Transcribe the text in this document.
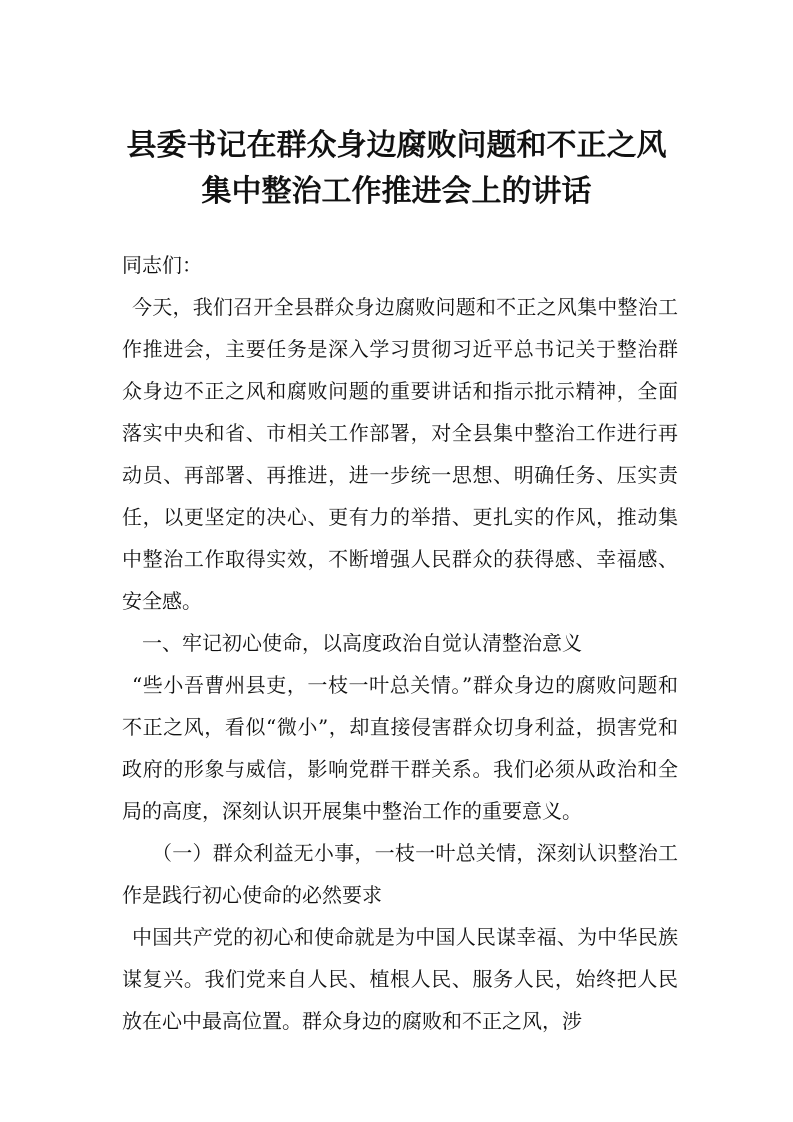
县委书记在群众身边腐败问题和不正之风
集中整治工作推进会上的讲话

同志们：

今天，我们召开全县群众身边腐败问题和不正之风集中整治工作推进会，主要任务是深入学习贯彻习近平总书记关于整治群众身边不正之风和腐败问题的重要讲话和指示批示精神，全面落实中央和省、市相关工作部署，对全县集中整治工作进行再动员、再部署、再推进，进一步统一思想、明确任务、压实责任，以更坚定的决心、更有力的举措、更扎实的作风，推动集中整治工作取得实效，不断增强人民群众的获得感、幸福感、安全感。

一、牢记初心使命，以高度政治自觉认清整治意义

“些小吾曹州县吏，一枝一叶总关情。”群众身边的腐败问题和不正之风，看似“微小”，却直接侵害群众切身利益，损害党和政府的形象与威信，影响党群干群关系。我们必须从政治和全局的高度，深刻认识开展集中整治工作的重要意义。

（一）群众利益无小事，一枝一叶总关情，深刻认识整治工作是践行初心使命的必然要求

中国共产党的初心和使命就是为中国人民谋幸福、为中华民族谋复兴。我们党来自人民、植根人民、服务人民，始终把人民放在心中最高位置。群众身边的腐败和不正之风，涉
